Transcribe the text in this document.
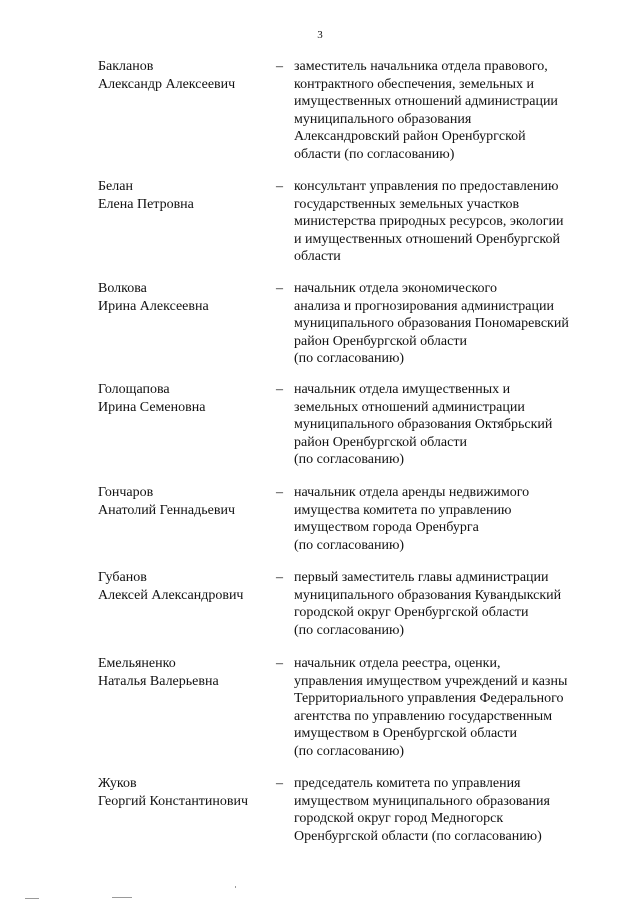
3
Бакланов
Александр Алексеевич
– заместитель начальника отдела правового,
контрактного обеспечения, земельных и
имущественных отношений администрации
муниципального образования
Александровский район Оренбургской
области (по согласованию)
Белан
Елена Петровна
– консультант управления по предоставлению
государственных земельных участков
министерства природных ресурсов, экологии
и имущественных отношений Оренбургской
области
Волкова
Ирина Алексеевна
– начальник отдела экономического
анализа и прогнозирования администрации
муниципального образования Пономаревский
район Оренбургской области
(по согласованию)
Голощапова
Ирина Семеновна
– начальник отдела имущественных и
земельных отношений администрации
муниципального образования Октябрьский
район Оренбургской области
(по согласованию)
Гончаров
Анатолий Геннадьевич
– начальник отдела аренды недвижимого
имущества комитета по управлению
имуществом города Оренбурга
(по согласованию)
Губанов
Алексей Александрович
– первый заместитель главы администрации
муниципального образования Кувандыкский
городской округ Оренбургской области
(по согласованию)
Емельяненко
Наталья Валерьевна
– начальник отдела реестра, оценки,
управления имуществом учреждений и казны
Территориального управления Федерального
агентства по управлению государственным
имуществом в Оренбургской области
(по согласованию)
Жуков
Георгий Константинович
– председатель комитета по управления
имуществом муниципального образования
городской округ город Медногорск
Оренбургской области (по согласованию)
